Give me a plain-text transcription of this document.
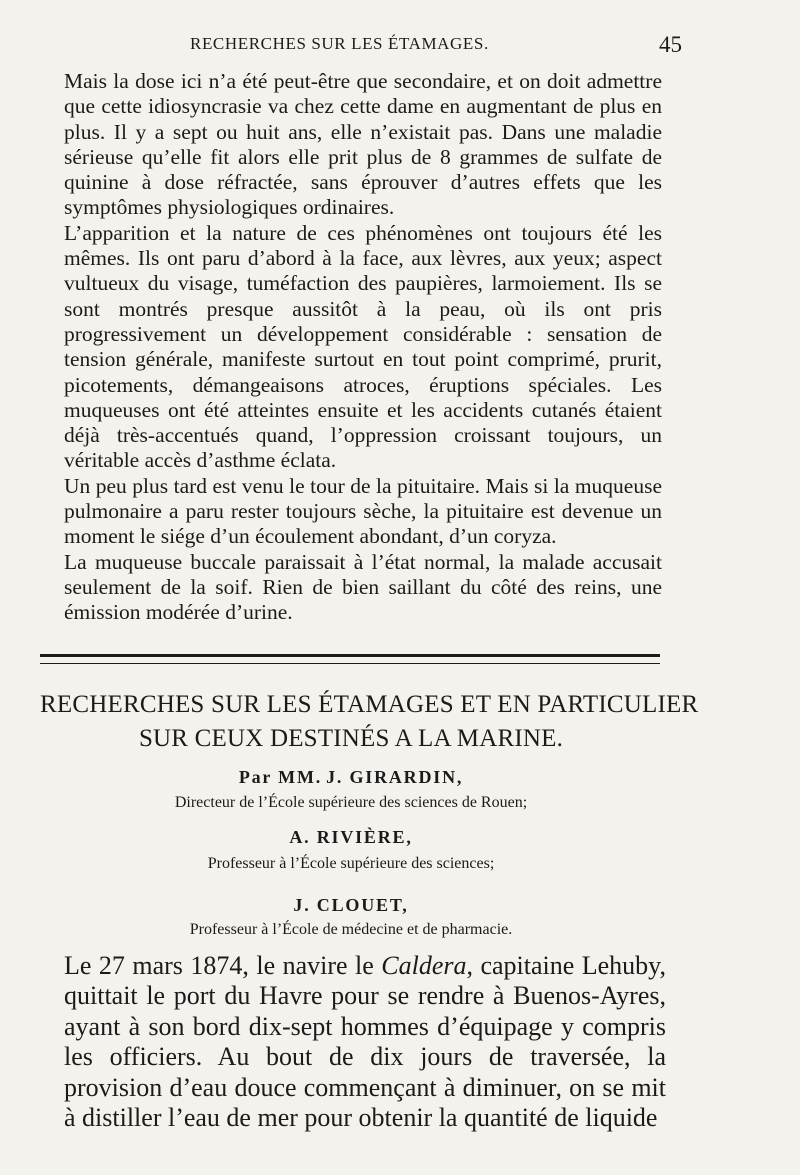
RECHERCHES SUR LES ÉTAMAGES.	45

Mais la dose ici n’a été peut-être que secondaire, et on doit admettre que cette idiosyncrasie va chez cette dame en augmentant de plus en plus. Il y a sept ou huit ans, elle n’existait pas. Dans une maladie sérieuse qu’elle fit alors elle prit plus de 8 grammes de sulfate de quinine à dose réfractée, sans éprouver d’autres effets que les symptômes physiologiques ordinaires.

L’apparition et la nature de ces phénomènes ont toujours été les mêmes. Ils ont paru d’abord à la face, aux lèvres, aux yeux; aspect vultueux du visage, tuméfaction des paupières, larmoiement. Ils se sont montrés presque aussitôt à la peau, où ils ont pris progressivement un développement considérable : sensation de tension générale, manifeste surtout en tout point comprimé, prurit, picotements, démangeaisons atroces, éruptions spéciales. Les muqueuses ont été atteintes ensuite et les accidents cutanés étaient déjà très-accentués quand, l’oppression croissant toujours, un véritable accès d’asthme éclata.

Un peu plus tard est venu le tour de la pituitaire. Mais si la muqueuse pulmonaire a paru rester toujours sèche, la pituitaire est devenue un moment le siége d’un écoulement abondant, d’un coryza.

La muqueuse buccale paraissait à l’état normal, la malade accusait seulement de la soif. Rien de bien saillant du côté des reins, une émission modérée d’urine.

RECHERCHES SUR LES ÉTAMAGES ET EN PARTICULIER
SUR CEUX DESTINÉS A LA MARINE.
Par MM. J. GIRARDIN,
Directeur de l’École supérieure des sciences de Rouen;
A. RIVIÈRE,
Professeur à l’École supérieure des sciences;
J. CLOUET,
Professeur à l’École de médecine et de pharmacie.

Le 27 mars 1874, le navire le Caldera, capitaine Lehuby, quittait le port du Havre pour se rendre à Buenos-Ayres, ayant à son bord dix-sept hommes d’équipage y compris les officiers. Au bout de dix jours de traversée, la provision d’eau douce commençant à diminuer, on se mit à distiller l’eau de mer pour obtenir la quantité de liquide
